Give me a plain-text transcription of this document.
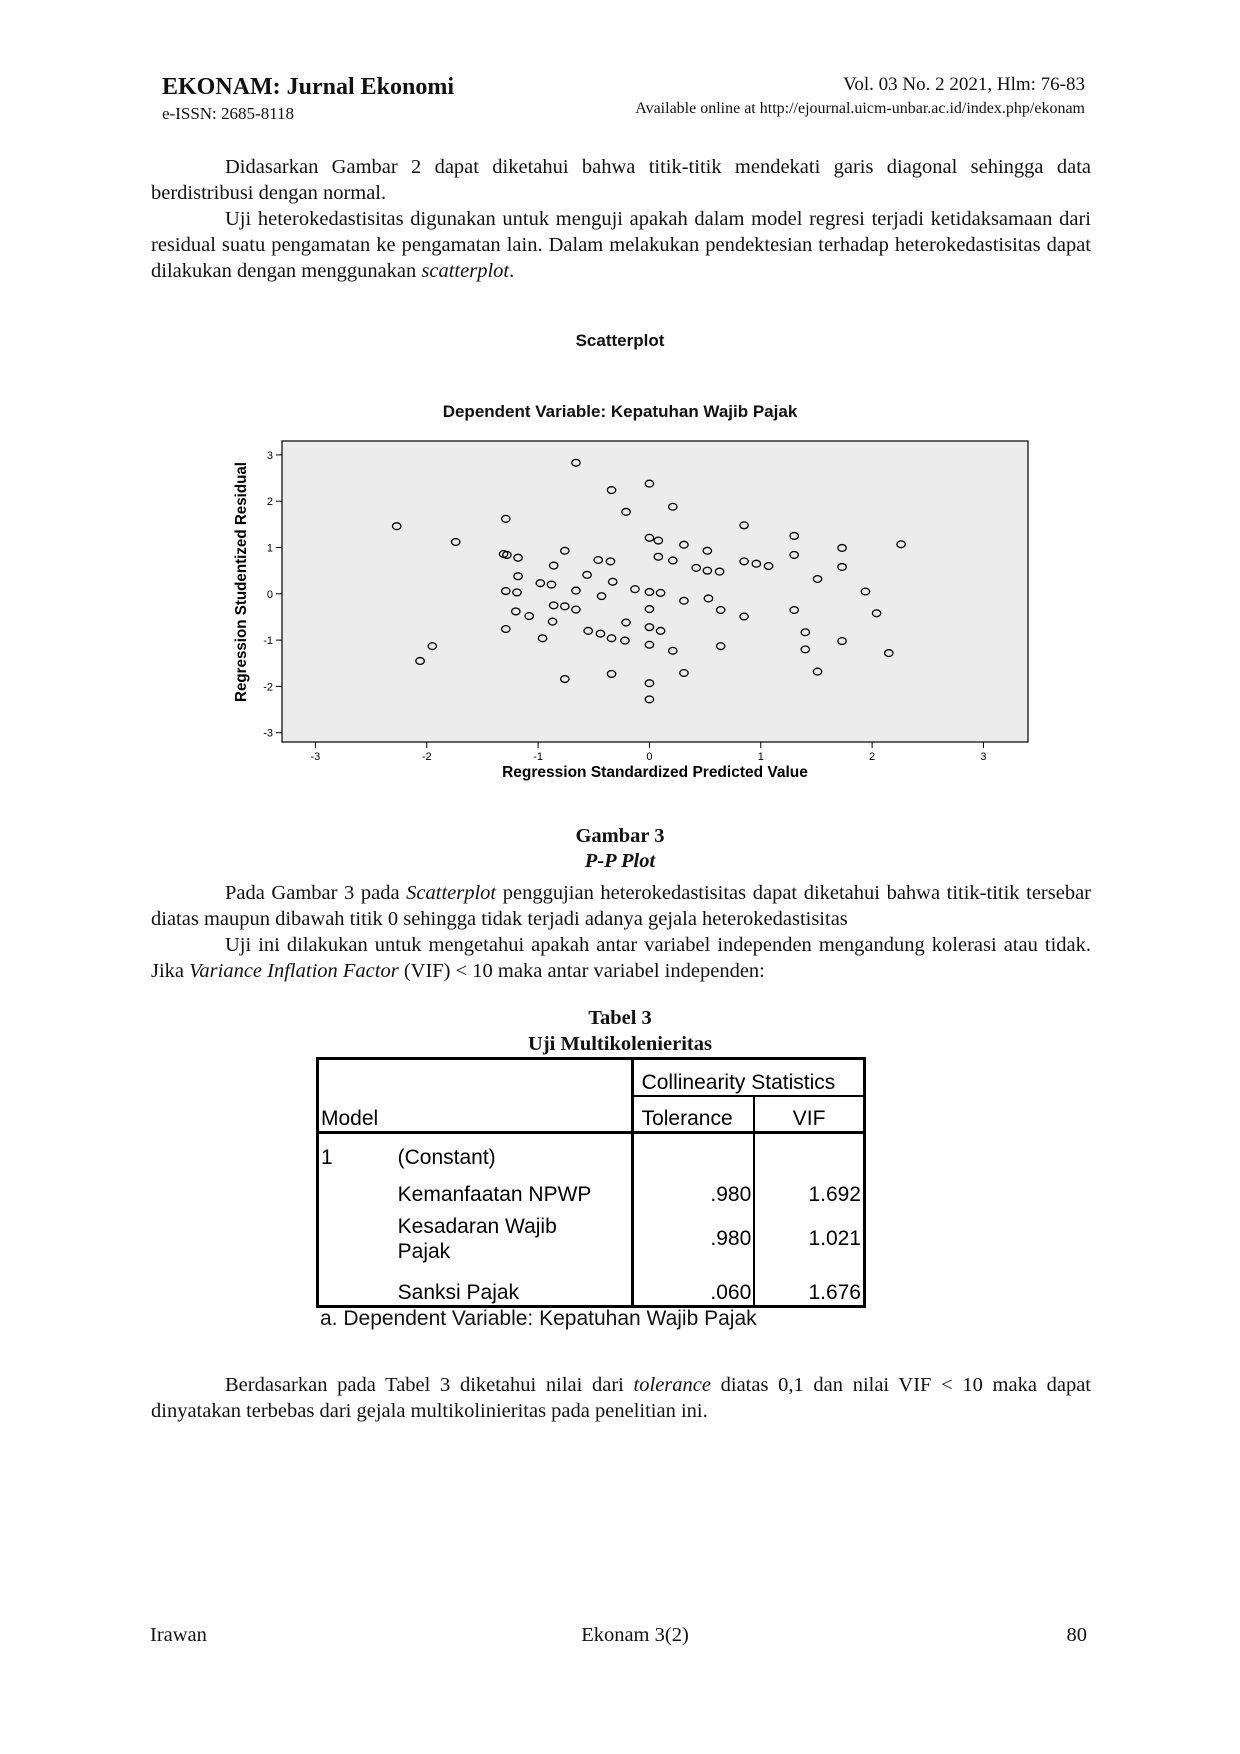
EKONAM: Jurnal Ekonomi
e-ISSN: 2685-8118
Vol. 03 No. 2 2021, Hlm: 76-83
Available online at http://ejournal.uicm-unbar.ac.id/index.php/ekonam

Didasarkan Gambar 2 dapat diketahui bahwa titik-titik mendekati garis diagonal sehingga data berdistribusi dengan normal.

Uji heterokedastisitas digunakan untuk menguji apakah dalam model regresi terjadi ketidaksamaan dari residual suatu pengamatan ke pengamatan lain. Dalam melakukan pendektesian terhadap heterokedastisitas dapat dilakukan dengan menggunakan scatterplot.

Scatterplot
Dependent Variable: Kepatuhan Wajib Pajak
-3
-2
-1
0
1
2
3
-3	-2	-1	0	1	2	3
Regression Standardized Predicted Value
Regression Studentized Residual
Gambar 3
P-P Plot

Pada Gambar 3 pada Scatterplot penggujian heterokedastisitas dapat diketahui bahwa titik-titik tersebar diatas maupun dibawah titik 0 sehingga tidak terjadi adanya gejala heterokedastisitas

Uji ini dilakukan untuk mengetahui apakah antar variabel independen mengandung kolerasi atau tidak. Jika Variance Inflation Factor (VIF) < 10 maka antar variabel independen:

Tabel 3
Uji Multikolenieritas
		Collinearity Statistics	
Model		Tolerance	VIF
1	(Constant)		
	Kemanfaatan NPWP	.980	1.692
	Kesadaran Wajib Pajak	.980	1.021
	Sanksi Pajak	.060	1.676
a. Dependent Variable: Kepatuhan Wajib Pajak

Berdasarkan pada Tabel 3 diketahui nilai dari tolerance diatas 0,1 dan nilai VIF < 10 maka dapat dinyatakan terbebas dari gejala multikolinieritas pada penelitian ini.

Irawan	Ekonam 3(2)	80
